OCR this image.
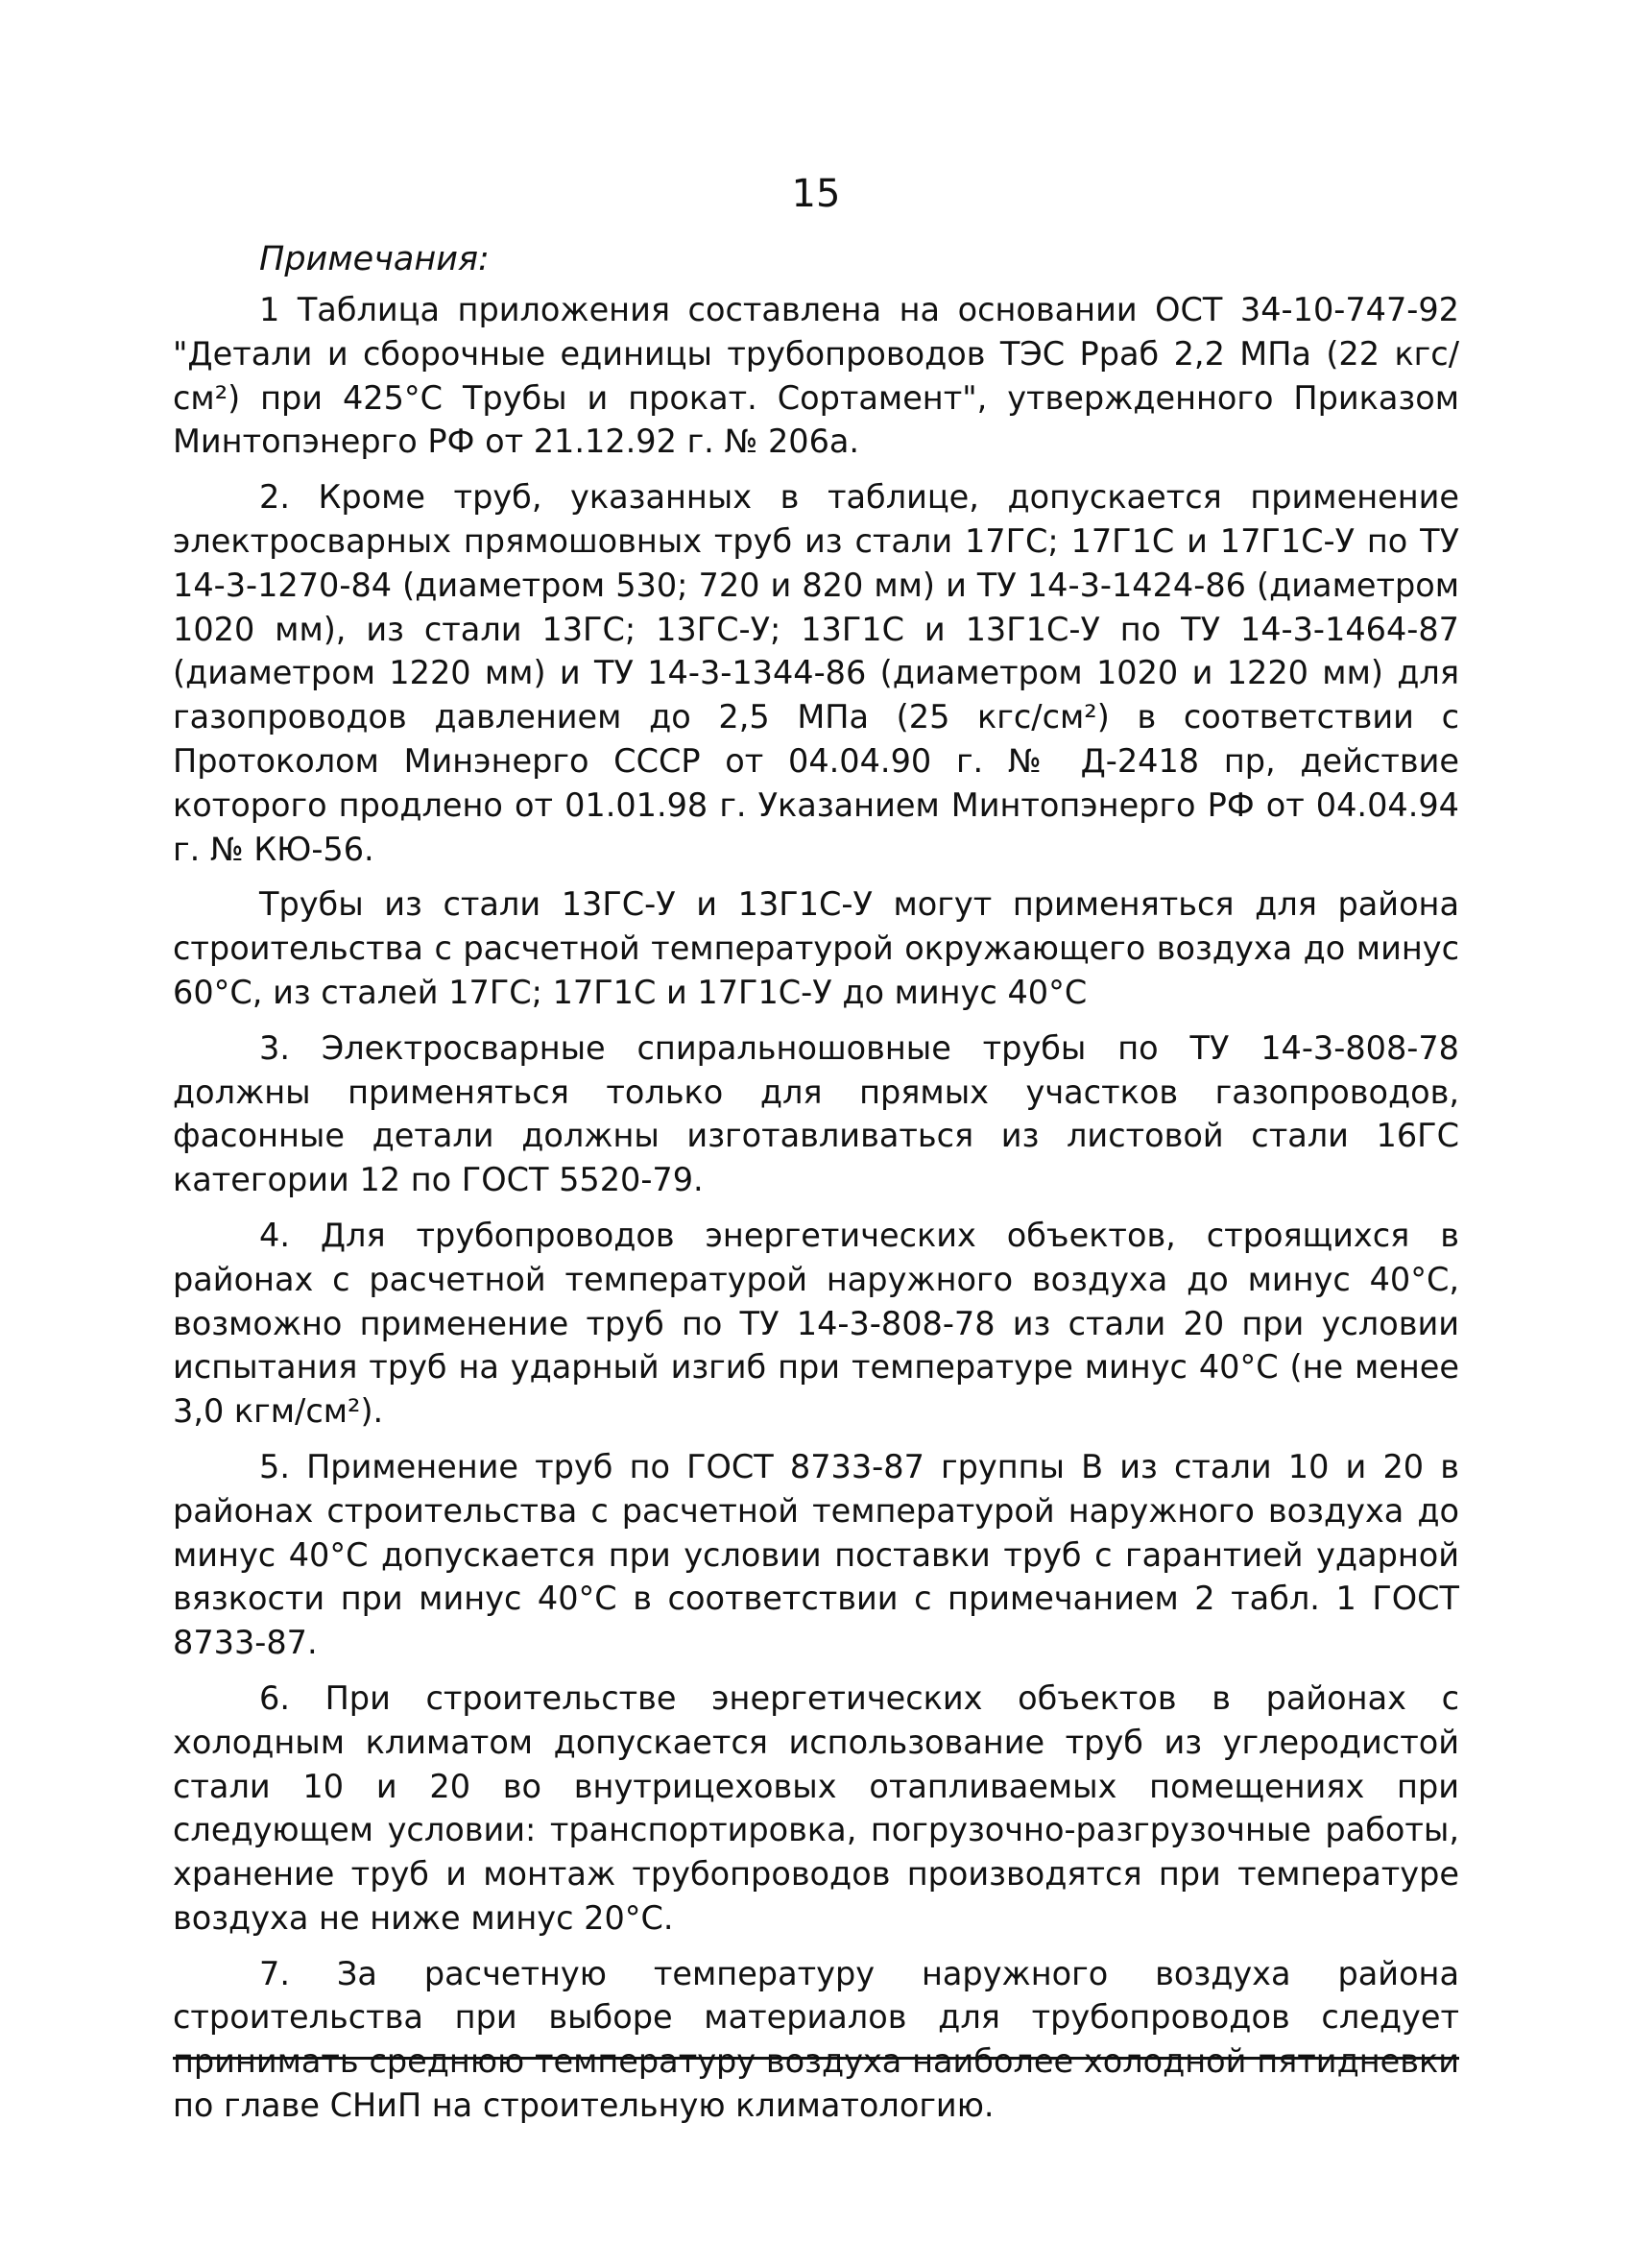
15
Примечания:

1 Таблица приложения составлена на основании ОСТ 34-10-747-92 "Детали и сборочные единицы трубопроводов ТЭС Рраб 2,2 МПа (22 кгс/см²) при 425°С Трубы и прокат. Сортамент", утвержденного Приказом Минтопэнерго РФ от 21.12.92 г. № 206а.

2. Кроме труб, указанных в таблице, допускается применение электросварных прямошовных труб из стали 17ГС; 17Г1С и 17Г1С-У по ТУ 14-3-1270-84 (диаметром 530; 720 и 820 мм) и ТУ 14-3-1424-86 (диаметром 1020 мм), из стали 13ГС; 13ГС-У; 13Г1С и 13Г1С-У по ТУ 14-3-1464-87 (диаметром 1220 мм) и ТУ 14-3-1344-86 (диаметром 1020 и 1220 мм) для газопроводов давлением до 2,5 МПа (25 кгс/см²) в соответствии с Протоколом Минэнерго СССР от 04.04.90 г. № Д-2418 пр, действие которого продлено от 01.01.98 г. Указанием Минтопэнерго РФ от 04.04.94 г. № КЮ-56.

Трубы из стали 13ГС-У и 13Г1С-У могут применяться для района строительства с расчетной температурой окружающего воздуха до минус 60°С, из сталей 17ГС; 17Г1С и 17Г1С-У до минус 40°С

3. Электросварные спиральношовные трубы по ТУ 14-3-808-78 должны применяться только для прямых участков газопроводов, фасонные детали должны изготавливаться из листовой стали 16ГС категории 12 по ГОСТ 5520-79.

4. Для трубопроводов энергетических объектов, строящихся в районах с расчетной температурой наружного воздуха до минус 40°С, возможно применение труб по ТУ 14-3-808-78 из стали 20 при условии испытания труб на ударный изгиб при температуре минус 40°С (не менее 3,0 кгм/см²).

5. Применение труб по ГОСТ 8733-87 группы В из стали 10 и 20 в районах строительства с расчетной температурой наружного воздуха до минус 40°С допускается при условии поставки труб с гарантией ударной вязкости при минус 40°С в соответствии с примечанием 2 табл. 1 ГОСТ 8733-87.

6. При строительстве энергетических объектов в районах с холодным климатом допускается использование труб из углеродистой стали 10 и 20 во внутрицеховых отапливаемых помещениях при следующем условии: транспортировка, погрузочно-разгрузочные работы, хранение труб и монтаж трубопроводов производятся при температуре воздуха не ниже минус 20°С.

7. За расчетную температуру наружного воздуха района строительства при выборе материалов для трубопроводов следует принимать среднюю температуру воздуха наиболее холодной пятидневки по главе СНиП на строительную климатологию.
